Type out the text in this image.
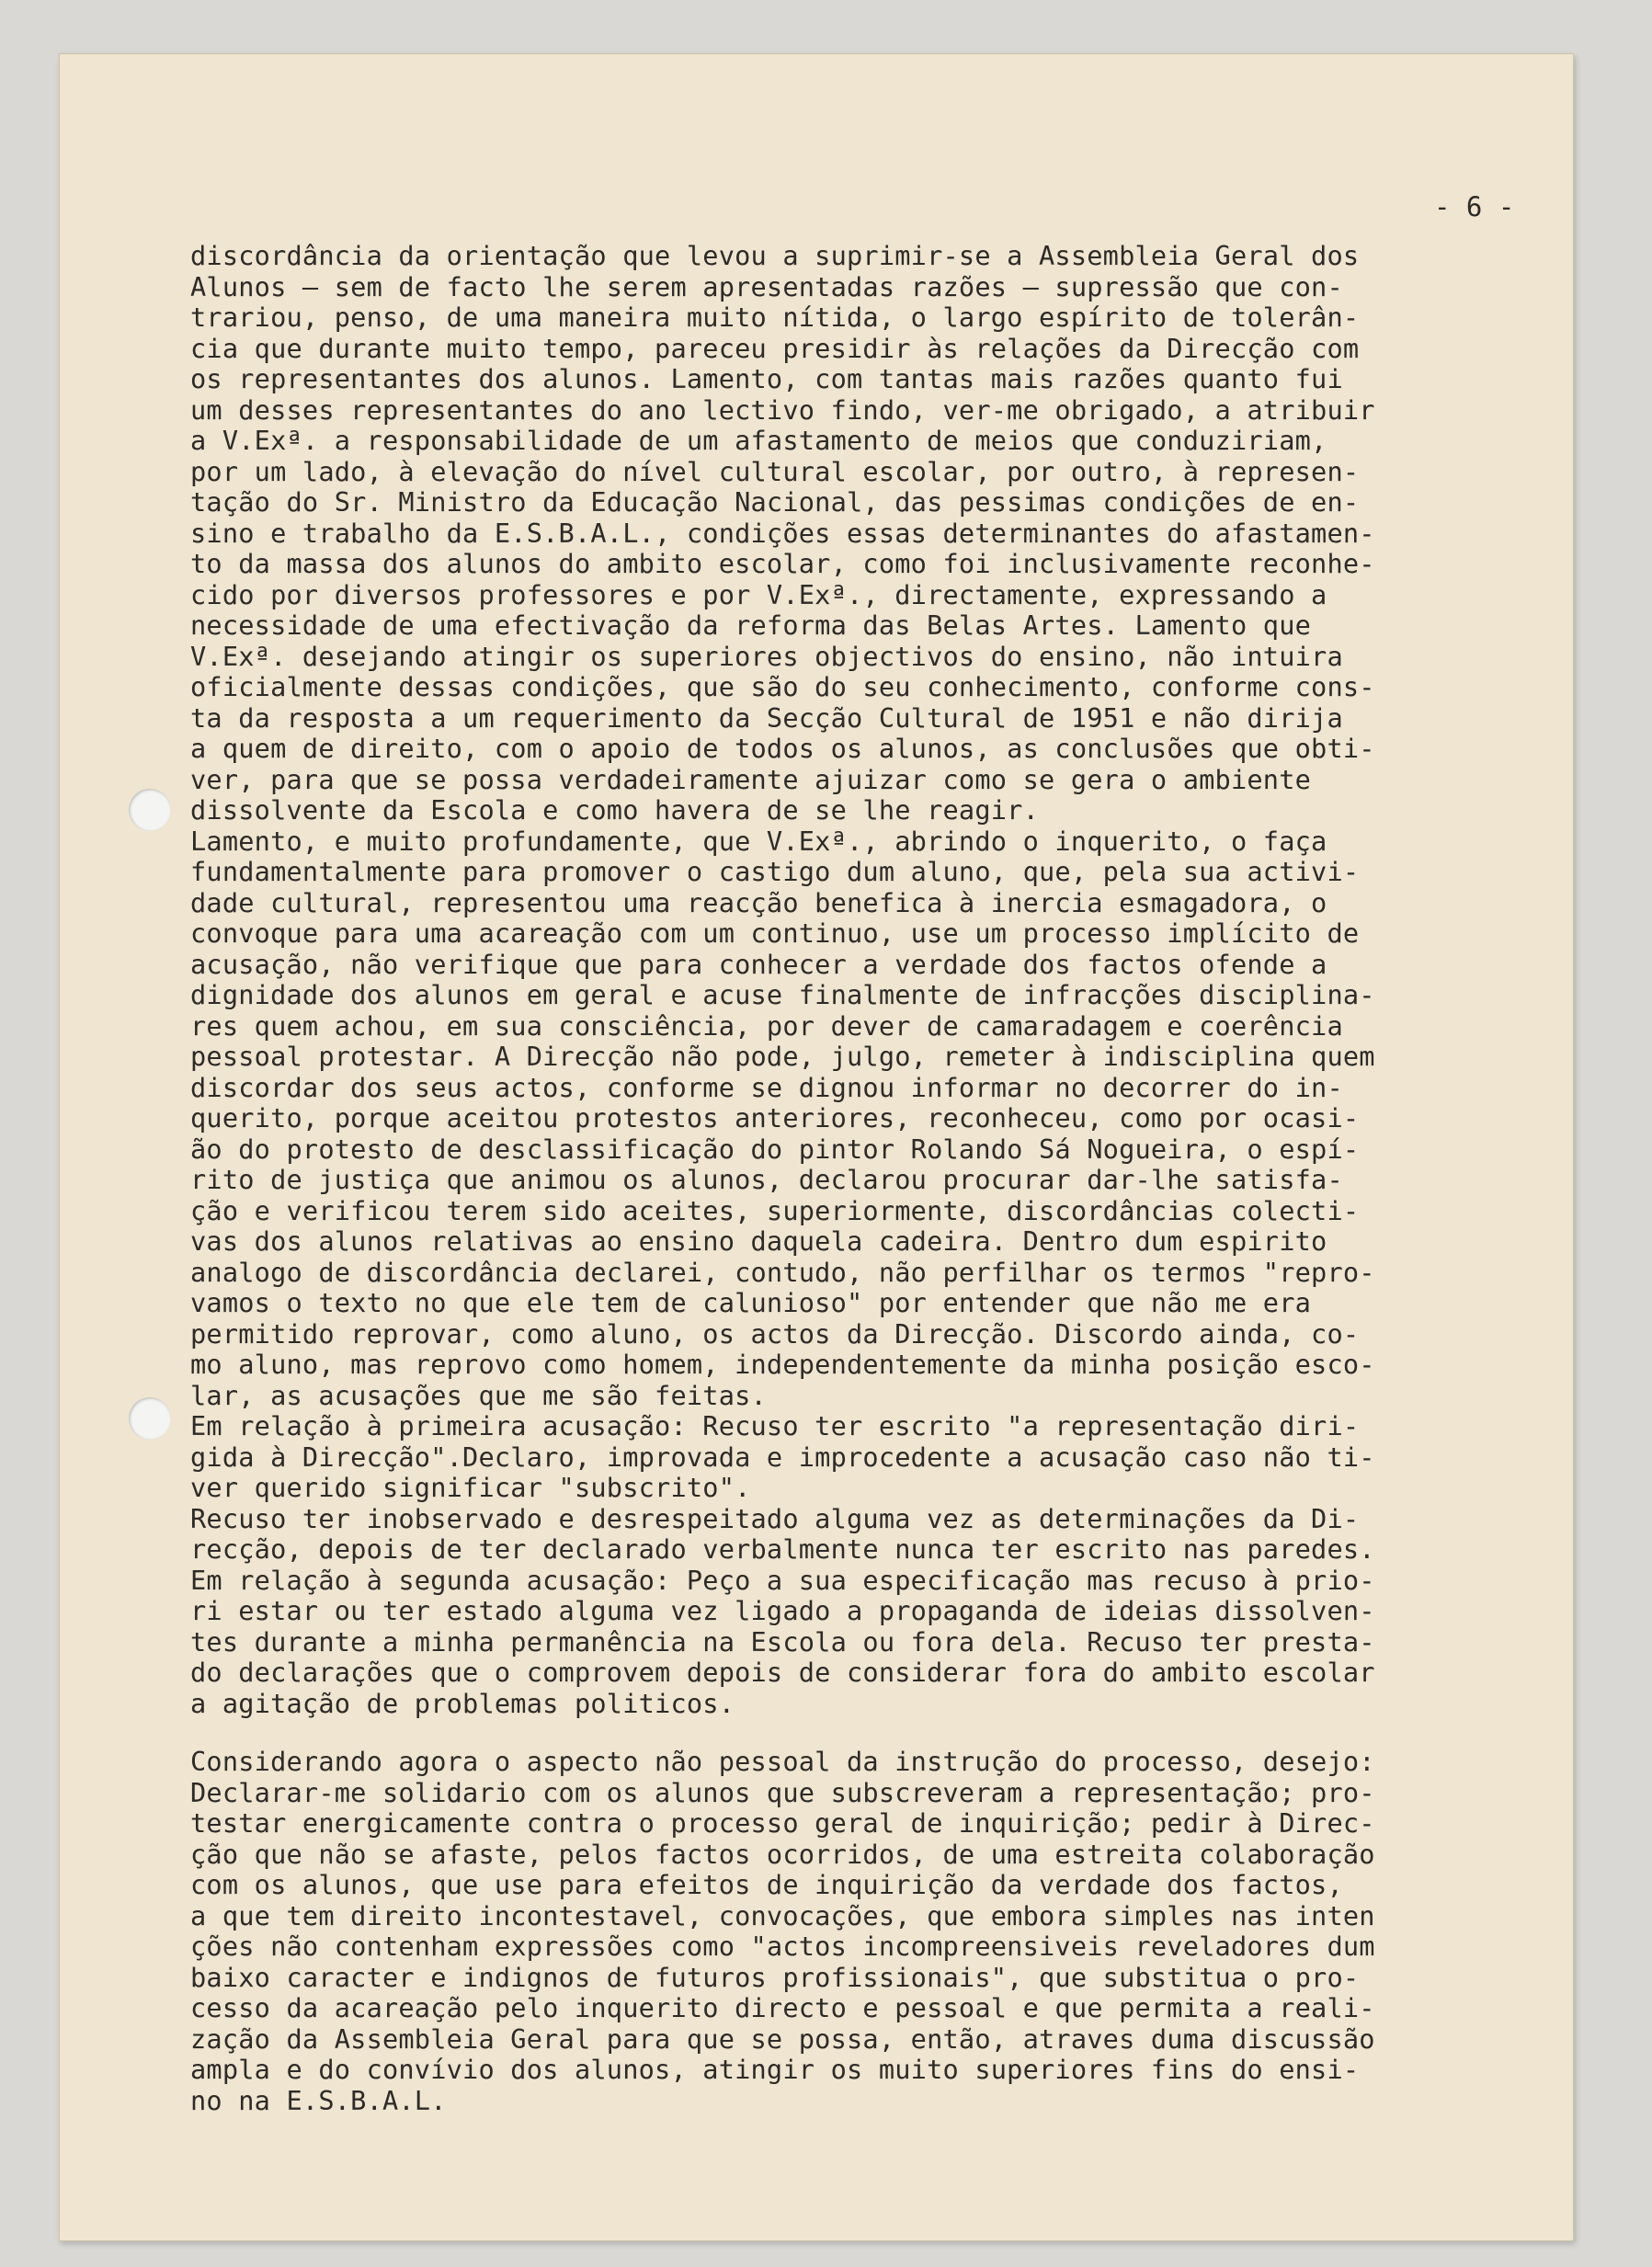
- 6 -
discordância da orientação que levou a suprimir-se a Assembleia Geral dos
Alunos — sem de facto lhe serem apresentadas razões — supressão que con-
trariou, penso, de uma maneira muito nítida, o largo espírito de tolerân-
cia que durante muito tempo, pareceu presidir às relações da Direcção com
os representantes dos alunos. Lamento, com tantas mais razões quanto fui
um desses representantes do ano lectivo findo, ver-me obrigado, a atribuir
a V.Exª. a responsabilidade de um afastamento de meios que conduziriam,
por um lado, à elevação do nível cultural escolar, por outro, à represen-
tação do Sr. Ministro da Educação Nacional, das pessimas condições de en-
sino e trabalho da E.S.B.A.L., condições essas determinantes do afastamen-
to da massa dos alunos do ambito escolar, como foi inclusivamente reconhe-
cido por diversos professores e por V.Exª., directamente, expressando a
necessidade de uma efectivação da reforma das Belas Artes. Lamento que
V.Exª. desejando atingir os superiores objectivos do ensino, não intuira
oficialmente dessas condições, que são do seu conhecimento, conforme cons-
ta da resposta a um requerimento da Secção Cultural de 1951 e não dirija
a quem de direito, com o apoio de todos os alunos, as conclusões que obti-
ver, para que se possa verdadeiramente ajuizar como se gera o ambiente
dissolvente da Escola e como havera de se lhe reagir.
Lamento, e muito profundamente, que V.Exª., abrindo o inquerito, o faça
fundamentalmente para promover o castigo dum aluno, que, pela sua activi-
dade cultural, representou uma reacção benefica à inercia esmagadora, o
convoque para uma acareação com um continuo, use um processo implícito de
acusação, não verifique que para conhecer a verdade dos factos ofende a
dignidade dos alunos em geral e acuse finalmente de infracções disciplina-
res quem achou, em sua consciência, por dever de camaradagem e coerência
pessoal protestar. A Direcção não pode, julgo, remeter à indisciplina quem
discordar dos seus actos, conforme se dignou informar no decorrer do in-
querito, porque aceitou protestos anteriores, reconheceu, como por ocasi-
ão do protesto de desclassificação do pintor Rolando Sá Nogueira, o espí-
rito de justiça que animou os alunos, declarou procurar dar-lhe satisfa-
ção e verificou terem sido aceites, superiormente, discordâncias colecti-
vas dos alunos relativas ao ensino daquela cadeira. Dentro dum espirito
analogo de discordância declarei, contudo, não perfilhar os termos "repro-
vamos o texto no que ele tem de calunioso" por entender que não me era
permitido reprovar, como aluno, os actos da Direcção. Discordo ainda, co-
mo aluno, mas reprovo como homem, independentemente da minha posição esco-
lar, as acusações que me são feitas.
Em relação à primeira acusação: Recuso ter escrito "a representação diri-
gida à Direcção".Declaro, improvada e improcedente a acusação caso não ti-
ver querido significar "subscrito".
Recuso ter inobservado e desrespeitado alguma vez as determinações da Di-
recção, depois de ter declarado verbalmente nunca ter escrito nas paredes.
Em relação à segunda acusação: Peço a sua especificação mas recuso à prio-
ri estar ou ter estado alguma vez ligado a propaganda de ideias dissolven-
tes durante a minha permanência na Escola ou fora dela. Recuso ter presta-
do declarações que o comprovem depois de considerar fora do ambito escolar
a agitação de problemas politicos.
Considerando agora o aspecto não pessoal da instrução do processo, desejo:
Declarar-me solidario com os alunos que subscreveram a representação; pro-
testar energicamente contra o processo geral de inquirição; pedir à Direc-
ção que não se afaste, pelos factos ocorridos, de uma estreita colaboração
com os alunos, que use para efeitos de inquirição da verdade dos factos,
a que tem direito incontestavel, convocações, que embora simples nas inten
ções não contenham expressões como "actos incompreensiveis reveladores dum
baixo caracter e indignos de futuros profissionais", que substitua o pro-
cesso da acareação pelo inquerito directo e pessoal e que permita a reali-
zação da Assembleia Geral para que se possa, então, atraves duma discussão
ampla e do convívio dos alunos, atingir os muito superiores fins do ensi-
no na E.S.B.A.L.
